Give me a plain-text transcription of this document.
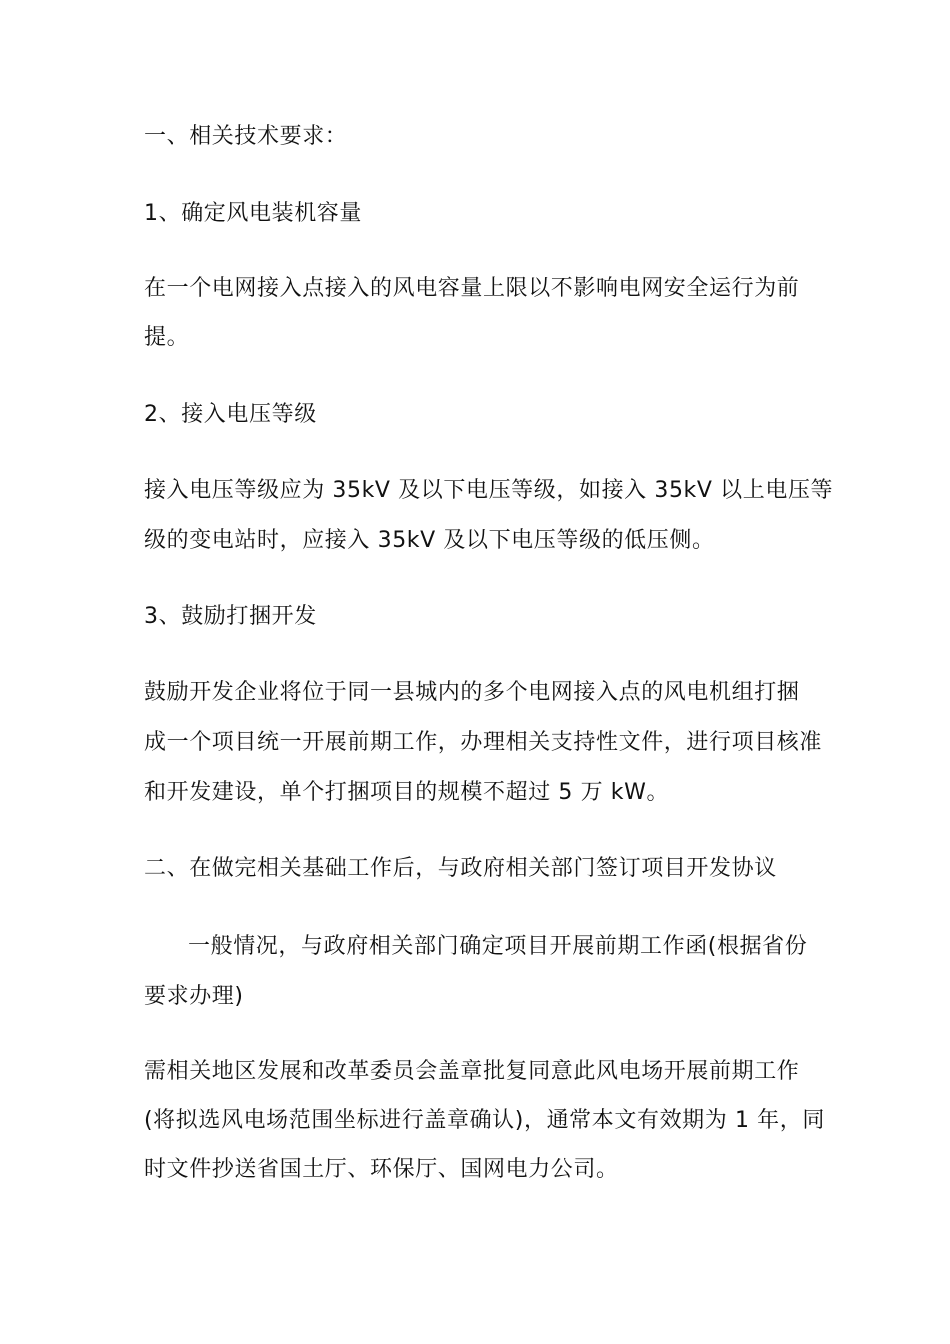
一、相关技术要求：
1、确定风电装机容量
在一个电网接入点接入的风电容量上限以不影响电网安全运行为前
提。
2、接入电压等级
接入电压等级应为 35kV 及以下电压等级，如接入 35kV 以上电压等
级的变电站时，应接入 35kV 及以下电压等级的低压侧。
3、鼓励打捆开发
鼓励开发企业将位于同一县城内的多个电网接入点的风电机组打捆
成一个项目统一开展前期工作，办理相关支持性文件，进行项目核准
和开发建设，单个打捆项目的规模不超过 5 万 kW。
二、在做完相关基础工作后，与政府相关部门签订项目开发协议
一般情况，与政府相关部门确定项目开展前期工作函(根据省份
要求办理)
需相关地区发展和改革委员会盖章批复同意此风电场开展前期工作
(将拟选风电场范围坐标进行盖章确认)，通常本文有效期为 1 年，同
时文件抄送省国土厅、环保厅、国网电力公司。
